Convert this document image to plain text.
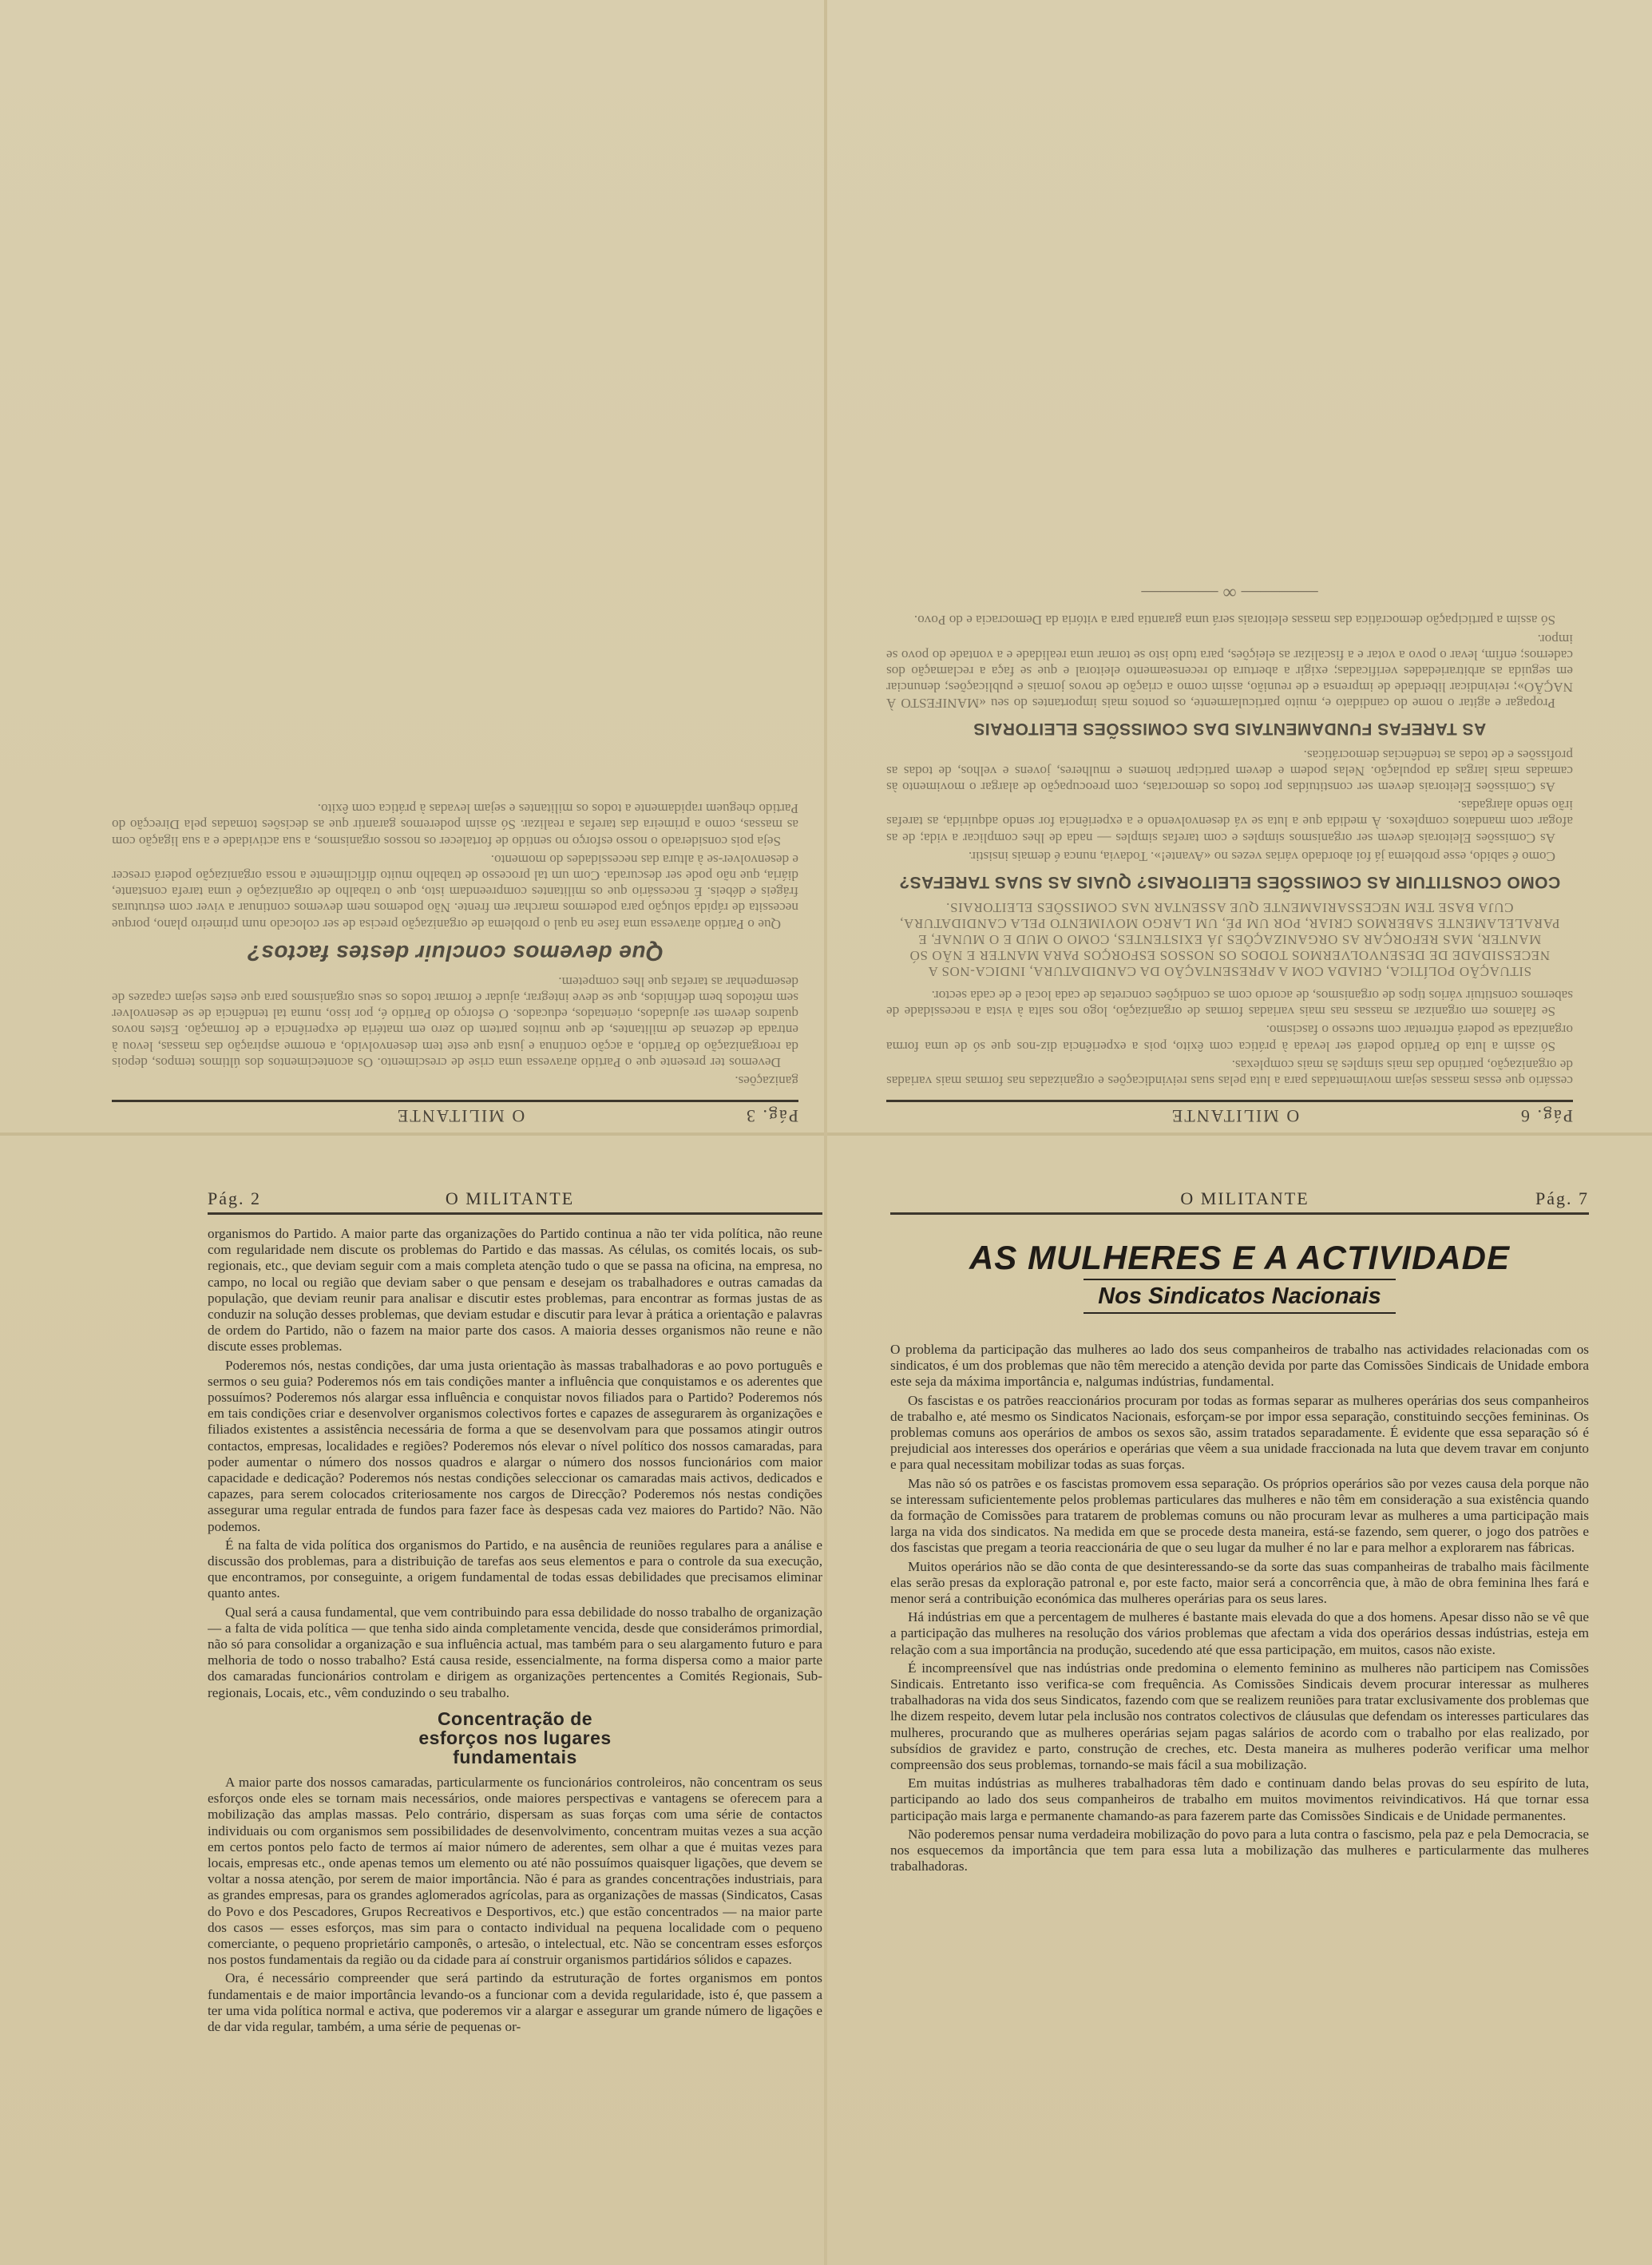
Pág. 3
O MILITANTE

ganizações.

Devemos ter presente que o Partido atravessa uma crise de crescimento. Os acontecimentos dos últimos tempos, depois da reorganização do Partido, a acção contínua e justa que este tem desenvolvido, a enorme aspiração das massas, levou à entrada de dezenas de militantes, de que muitos partem do zero em matéria de experiência e de formação. Estes novos quadros devem ser ajudados, orientados, educados. O esforço do Partido é, por isso, numa tal tendência de se desenvolver sem métodos bem definidos, que se deve integrar, ajudar e formar todos os seus organismos para que estes sejam capazes de desempenhar as tarefas que lhes competem.

Que devemos concluir destes factos?

Que o Partido atravessa uma fase na qual o problema de organização precisa de ser colocado num primeiro plano, porque necessita de rápida solução para podermos marchar em frente. Não podemos nem devemos continuar a viver com estruturas frágeis e débeis. É necessário que os militantes compreendam isto, que o trabalho de organização é uma tarefa constante, diária, que não pode ser descurada. Com um tal processo de trabalho muito dificilmente a nossa organização poderá crescer e desenvolver-se à altura das necessidades do momento.

Seja pois considerado o nosso esforço no sentido de fortalecer os nossos organismos, a sua actividade e a sua ligação com as massas, como a primeira das tarefas a realizar. Só assim poderemos garantir que as decisões tomadas pela Direcção do Partido cheguem rapidamente a todos os militantes e sejam levadas à prática com êxito.

Pág. 6
O MILITANTE

cessário que essas massas sejam movimentadas para a luta pelas suas reivindicações e organizadas nas formas mais variadas de organização, partindo das mais simples às mais complexas.

Só assim a luta do Partido poderá ser levada à prática com êxito, pois a experiência diz-nos que só de uma forma organizada se poderá enfrentar com sucesso o fascismo.

Se falamos em organizar as massas nas mais variadas formas de organização, logo nos salta à vista a necessidade de sabermos constituir vários tipos de organismos, de acordo com as condições concretas de cada local e de cada sector.

SITUAÇÃO POLÍTICA, CRIADA COM A APRESENTAÇÃO DA CANDIDATURA, INDICA-NOS A NECESSIDADE DE DESENVOLVERMOS TODOS OS NOSSOS ESFORÇOS PARA MANTER E NÃO SÓ MANTER, MAS REFORÇAR AS ORGANIZAÇÕES JÁ EXISTENTES, COMO O MUD E O MUNAF, E PARALELAMENTE SABERMOS CRIAR, POR UM PÉ, UM LARGO MOVIMENTO PELA CANDIDATURA, CUJA BASE TEM NECESSARIAMENTE QUE ASSENTAR NAS COMISSÕES ELEITORAIS.
COMO CONSTITUIR AS COMISSÕES ELEITORAIS? QUAIS AS SUAS TAREFAS?

Como é sabido, esse problema já foi abordado várias vezes no «Avante!». Todavia, nunca é demais insistir.

As Comissões Eleitorais devem ser organismos simples e com tarefas simples — nada de lhes complicar a vida; de as afogar com mandatos complexos. À medida que a luta se vá desenvolvendo e a experiência for sendo adquirida, as tarefas irão sendo alargadas.

As Comissões Eleitorais devem ser constituídas por todos os democratas, com preocupação de alargar o movimento às camadas mais largas da população. Nelas podem e devem participar homens e mulheres, jovens e velhos, de todas as profissões e de todas as tendências democráticas.

AS TAREFAS FUNDAMENTAIS DAS COMISSÕES ELEITORAIS

Propagar e agitar o nome do candidato e, muito particularmente, os pontos mais importantes do seu «MANIFESTO À NAÇÃO»; reivindicar liberdade de imprensa e de reunião, assim como a criação de novos jornais e publicações; denunciar em seguida as arbitrariedades verificadas; exigir a abertura do recenseamento eleitoral e que se faça a reclamação dos cadernos; enfim, levar o povo a votar e a fiscalizar as eleições, para tudo isto se tornar uma realidade e a vontade do povo se impor.

Só assim a participação democrática das massas eleitorais será uma garantia para a vitória da Democracia e do Povo.

———— ∞ ————
Pág. 2	O MILITANTE

organismos do Partido. A maior parte das organizações do Partido continua a não ter vida política, não reune com regularidade nem discute os problemas do Partido e das massas. As células, os comités locais, os sub-regionais, etc., que deviam seguir com a mais completa atenção tudo o que se passa na oficina, na empresa, no campo, no local ou região que deviam saber o que pensam e desejam os trabalhadores e outras camadas da população, que deviam reunir para analisar e discutir estes problemas, para encontrar as formas justas de as conduzir na solução desses problemas, que deviam estudar e discutir para levar à prática a orientação e palavras de ordem do Partido, não o fazem na maior parte dos casos. A maioria desses organismos não reune e não discute esses problemas.

Poderemos nós, nestas condições, dar uma justa orientação às massas trabalhadoras e ao povo português e sermos o seu guia? Poderemos nós em tais condições manter a influência que conquistamos e os aderentes que possuímos? Poderemos nós alargar essa influência e conquistar novos filiados para o Partido? Poderemos nós em tais condições criar e desenvolver organismos colectivos fortes e capazes de assegurarem às organizações e filiados existentes a assistência necessária de forma a que se desenvolvam para que possamos atingir outros contactos, empresas, localidades e regiões? Poderemos nós elevar o nível político dos nossos camaradas, para poder aumentar o número dos nossos quadros e alargar o número dos nossos funcionários com maior capacidade e dedicação? Poderemos nós nestas condições seleccionar os camaradas mais activos, dedicados e capazes, para serem colocados criteriosamente nos cargos de Direcção? Poderemos nós nestas condições assegurar uma regular entrada de fundos para fazer face às despesas cada vez maiores do Partido? Não. Não podemos.

É na falta de vida política dos organismos do Partido, e na ausência de reuniões regulares para a análise e discussão dos problemas, para a distribuição de tarefas aos seus elementos e para o controle da sua execução, que encontramos, por conseguinte, a origem fundamental de todas essas debilidades que precisamos eliminar quanto antes.

Qual será a causa fundamental, que vem contribuindo para essa debilidade do nosso trabalho de organização — a falta de vida política — que tenha sido ainda completamente vencida, desde que considerámos primordial, não só para consolidar a organização e sua influência actual, mas também para o seu alargamento futuro e para melhoria de todo o nosso trabalho? Está causa reside, essencialmente, na forma dispersa como a maior parte dos camaradas funcionários controlam e dirigem as organizações pertencentes a Comités Regionais, Sub-regionais, Locais, etc., vêm conduzindo o seu trabalho.

Concentração de esforços nos lugares fundamentais

A maior parte dos nossos camaradas, particularmente os funcionários controleiros, não concentram os seus esforços onde eles se tornam mais necessários, onde maiores perspectivas e vantagens se oferecem para a mobilização das amplas massas. Pelo contrário, dispersam as suas forças com uma série de contactos individuais ou com organismos sem possibilidades de desenvolvimento, concentram muitas vezes a sua acção em certos pontos pelo facto de termos aí maior número de aderentes, sem olhar a que é muitas vezes para locais, empresas etc., onde apenas temos um elemento ou até não possuímos quaisquer ligações, que devem se voltar a nossa atenção, por serem de maior importância. Não é para as grandes concentrações industriais, para as grandes empresas, para os grandes aglomerados agrícolas, para as organizações de massas (Sindicatos, Casas do Povo e dos Pescadores, Grupos Recreativos e Desportivos, etc.) que estão concentrados — na maior parte dos casos — esses esforços, mas sim para o contacto individual na pequena localidade com o pequeno comerciante, o pequeno proprietário camponês, o artesão, o intelectual, etc. Não se concentram esses esforços nos postos fundamentais da região ou da cidade para aí construir organismos partidários sólidos e capazes.

Ora, é necessário compreender que será partindo da estruturação de fortes organismos em pontos fundamentais e de maior importância levando-os a funcionar com a devida regularidade, isto é, que passem a ter uma vida política normal e activa, que poderemos vir a alargar e assegurar um grande número de ligações e de dar vida regular, também, a uma série de pequenas or-

O MILITANTE	Pág. 7
AS MULHERES E A ACTIVIDADE
Nos Sindicatos Nacionais

O problema da participação das mulheres ao lado dos seus companheiros de trabalho nas actividades relacionadas com os sindicatos, é um dos problemas que não têm merecido a atenção devida por parte das Comissões Sindicais de Unidade embora este seja da máxima importância e, nalgumas indústrias, fundamental.

Os fascistas e os patrões reaccionários procuram por todas as formas separar as mulheres operárias dos seus companheiros de trabalho e, até mesmo os Sindicatos Nacionais, esforçam-se por impor essa separação, constituindo secções femininas. Os problemas comuns aos operários de ambos os sexos são, assim tratados separadamente. É evidente que essa separação só é prejudicial aos interesses dos operários e operárias que vêem a sua unidade fraccionada na luta que devem travar em conjunto e para qual necessitam mobilizar todas as suas forças.

Mas não só os patrões e os fascistas promovem essa separação. Os próprios operários são por vezes causa dela porque não se interessam suficientemente pelos problemas particulares das mulheres e não têm em consideração a sua existência quando da formação de Comissões para tratarem de problemas comuns ou não procuram levar as mulheres a uma participação mais larga na vida dos sindicatos. Na medida em que se procede desta maneira, está-se fazendo, sem querer, o jogo dos patrões e dos fascistas que pregam a teoria reaccionária de que o seu lugar da mulher é no lar e para melhor a explorarem nas fábricas.

Muitos operários não se dão conta de que desinteressando-se da sorte das suas companheiras de trabalho mais fàcilmente elas serão presas da exploração patronal e, por este facto, maior será a concorrência que, à mão de obra feminina lhes fará e menor será a contribuição económica das mulheres operárias para os seus lares.

Há indústrias em que a percentagem de mulheres é bastante mais elevada do que a dos homens. Apesar disso não se vê que a participação das mulheres na resolução dos vários problemas que afectam a vida dos operários dessas indústrias, esteja em relação com a sua importância na produção, sucedendo até que essa participação, em muitos, casos não existe.

É incompreensível que nas indústrias onde predomina o elemento feminino as mulheres não participem nas Comissões Sindicais. Entretanto isso verifica-se com frequência. As Comissões Sindicais devem procurar interessar as mulheres trabalhadoras na vida dos seus Sindicatos, fazendo com que se realizem reuniões para tratar exclusivamente dos problemas que lhe dizem respeito, devem lutar pela inclusão nos contratos colectivos de cláusulas que defendam os interesses particulares das mulheres, procurando que as mulheres operárias sejam pagas salários de acordo com o trabalho por elas realizado, por subsídios de gravidez e parto, construção de creches, etc. Desta maneira as mulheres poderão verificar uma melhor compreensão dos seus problemas, tornando-se mais fácil a sua mobilização.

Em muitas indústrias as mulheres trabalhadoras têm dado e continuam dando belas provas do seu espírito de luta, participando ao lado dos seus companheiros de trabalho em muitos movimentos reivindicativos. Há que tornar essa participação mais larga e permanente chamando-as para fazerem parte das Comissões Sindicais e de Unidade permanentes.

Não poderemos pensar numa verdadeira mobilização do povo para a luta contra o fascismo, pela paz e pela Democracia, se nos esquecemos da importância que tem para essa luta a mobilização das mulheres e particularmente das mulheres trabalhadoras.
